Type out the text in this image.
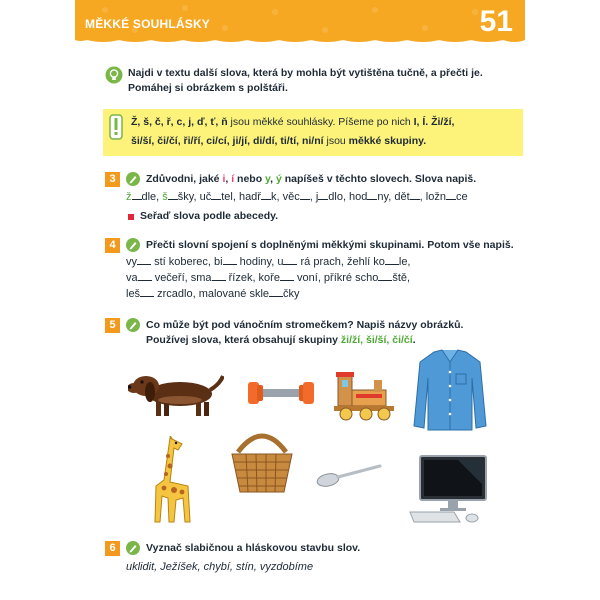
MĚKKÉ SOUHLÁSKY	51
Najdi v textu další slova, která by mohla být vytištěna tučně, a přečti je.
Pomáhej si obrázkem s polštáři.
Ž, š, č, ř, c, j, ď, ť, ň jsou měkké souhlásky. Píšeme po nich I, Í. Ži/ží,
ši/ší, či/čí, ři/ří, ci/cí, ji/jí, di/dí, ti/tí, ni/ní jsou měkké skupiny.
3	Zdůvodni, jaké i, í nebo y, ý napíšeš v těchto slovech. Slova napiš.
ž dle, š šky, uč tel, hadř k, věc , j dlo, hod ny, dět , ložn ce
Seřaď slova podle abecedy.
4	Přečti slovní spojení s doplněnými měkkými skupinami. Potom vše napiš.
vy stí koberec, bi hodiny, u rá prach, žehlí ko le,
va večeří, sma řízek, koře voní, příkré scho ště,
leš zrcadlo, malované skle čky
5	Co může být pod vánočním stromečkem? Napiš názvy obrázků.
Používej slova, která obsahují skupiny ži/ží, ši/ší, či/čí.
6	Vyznač slabičnou a hláskovou stavbu slov.
uklidit, Ježíšek, chybí, stín, vyzdobíme
